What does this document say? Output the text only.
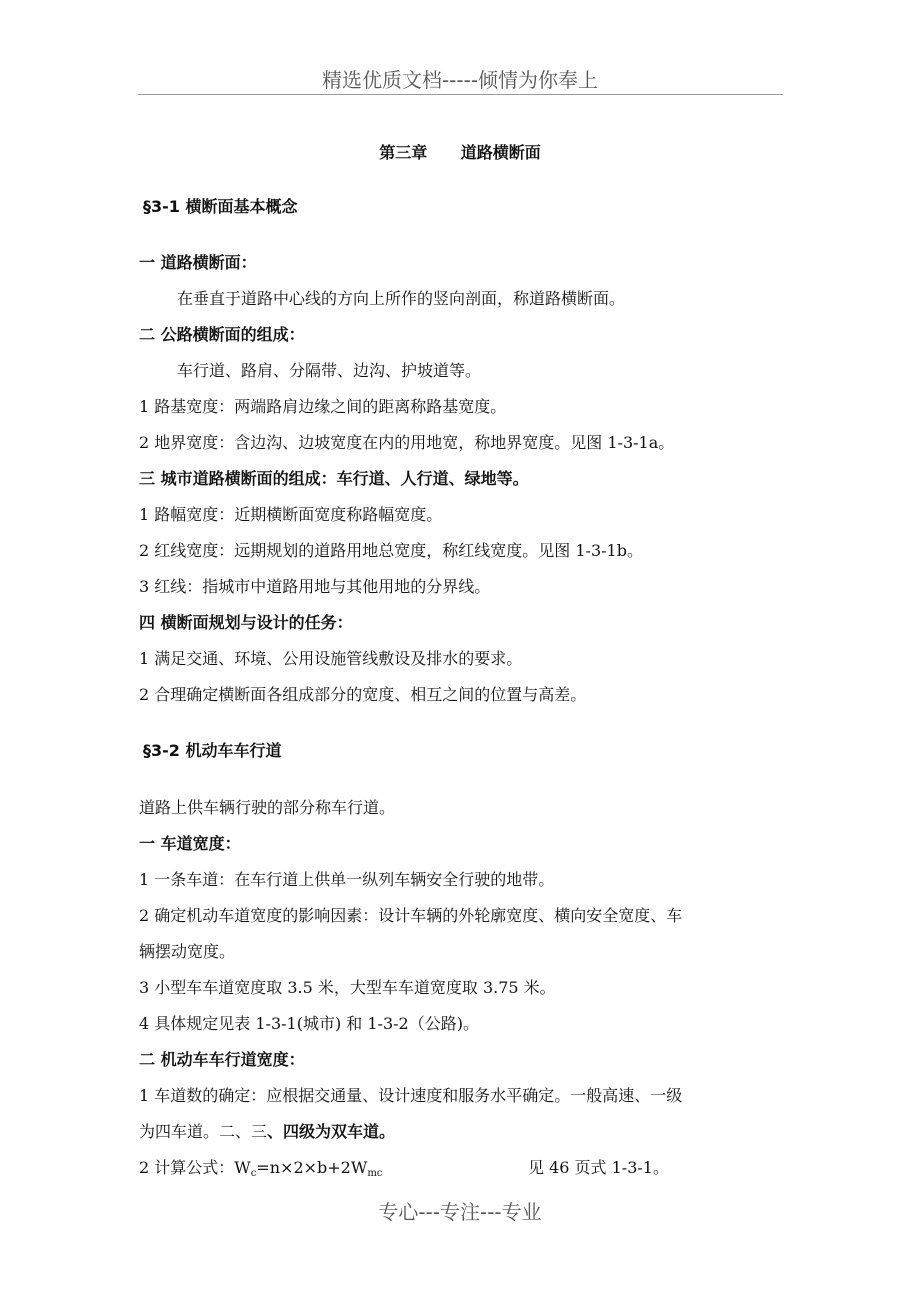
精选优质文档-----倾情为你奉上
第三章      道路横断面
§3-1 横断面基本概念
一 道路横断面：
在垂直于道路中心线的方向上所作的竖向剖面，称道路横断面。
二 公路横断面的组成：
车行道、路肩、分隔带、边沟、护坡道等。
1 路基宽度：两端路肩边缘之间的距离称路基宽度。
2 地界宽度：含边沟、边坡宽度在内的用地宽，称地界宽度。见图 1-3-1a。
三 城市道路横断面的组成：车行道、人行道、绿地等。
1 路幅宽度：近期横断面宽度称路幅宽度。
2 红线宽度：远期规划的道路用地总宽度，称红线宽度。见图 1-3-1b。
3 红线：指城市中道路用地与其他用地的分界线。
四 横断面规划与设计的任务：
1 满足交通、环境、公用设施管线敷设及排水的要求。
2 合理确定横断面各组成部分的宽度、相互之间的位置与高差。
§3-2 机动车车行道
道路上供车辆行驶的部分称车行道。
一 车道宽度：
1 一条车道：在车行道上供单一纵列车辆安全行驶的地带。
2 确定机动车道宽度的影响因素：设计车辆的外轮廓宽度、横向安全宽度、车
辆摆动宽度。
3 小型车车道宽度取 3.5 米，大型车车道宽度取 3.75 米。
4 具体规定见表 1-3-1(城市) 和 1-3-2（公路)。
二 机动车车行道宽度：
1 车道数的确定：应根据交通量、设计速度和服务水平确定。一般高速、一级
为四车道。二、三、四级为双车道。
2 计算公式：$W_c=n\times 2\times b+2W_{mc}$	见 46 页式 1-3-1。
专心---专注---专业
